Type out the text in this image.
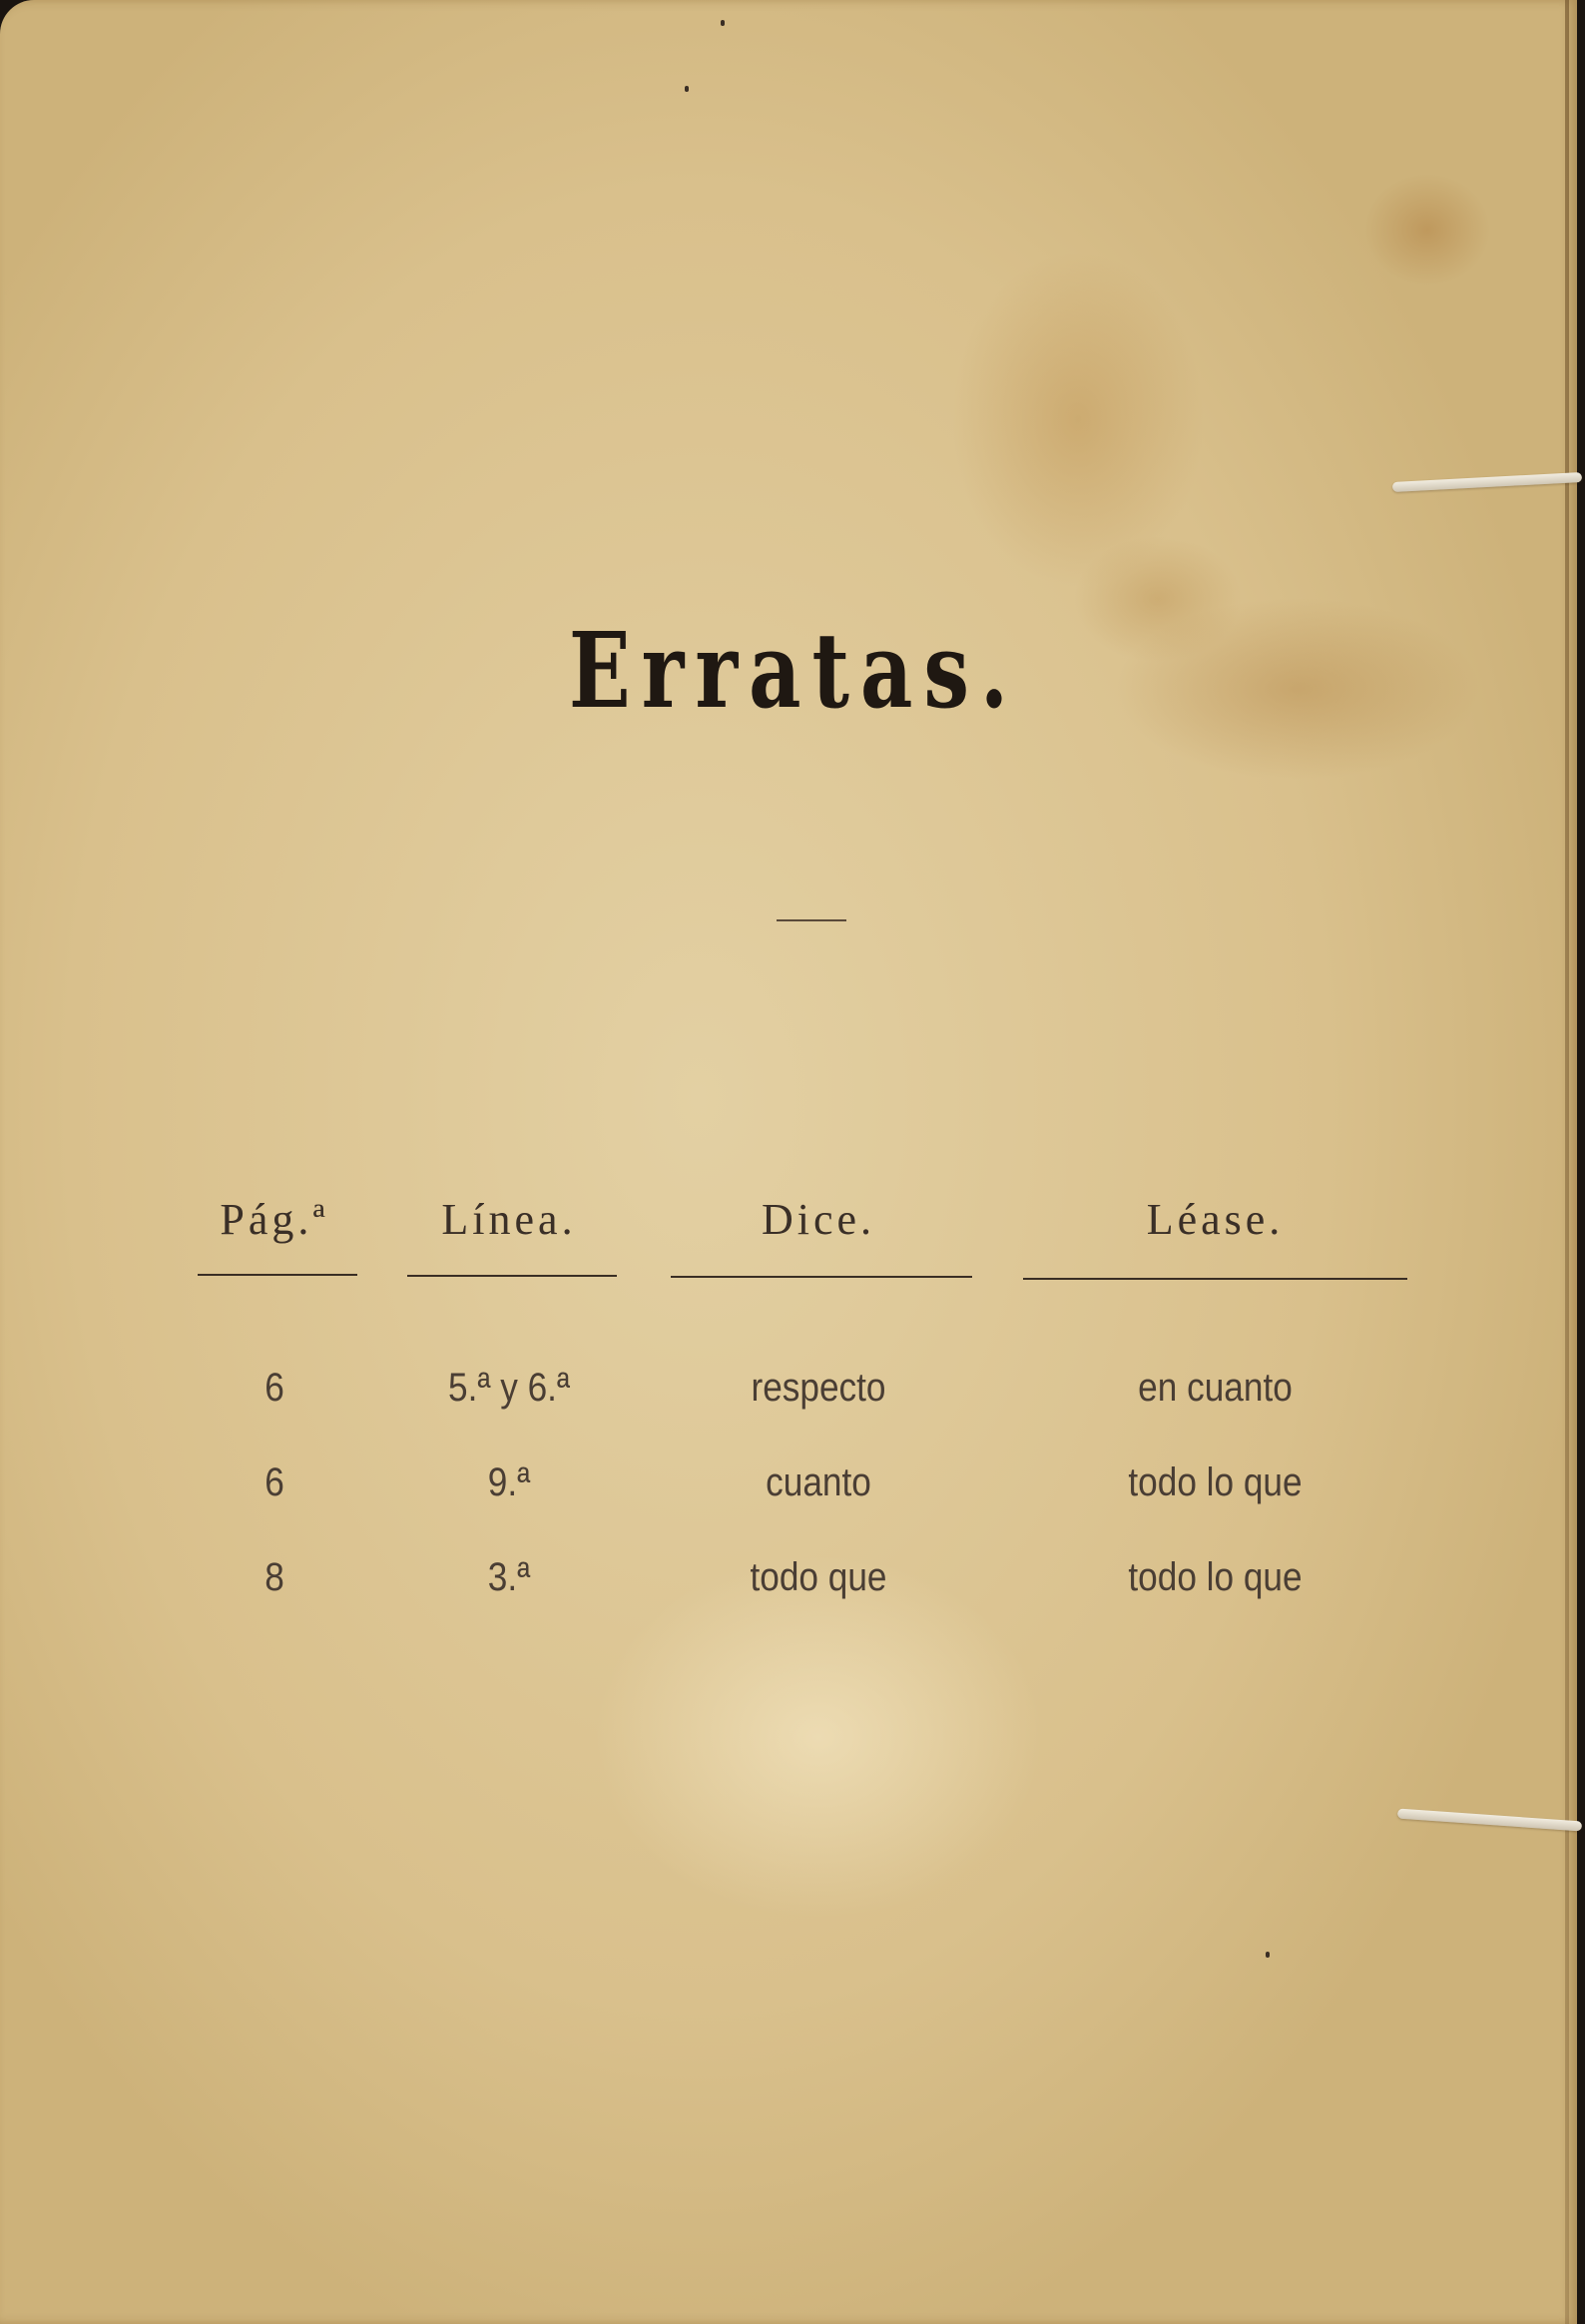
Erratas.
Pág.ª	Línea.	Dice.	Léase.
6	5.ª y 6.ª	respecto	en cuanto
6	9.ª	cuanto	todo lo que
8	3.ª	todo que	todo lo que
